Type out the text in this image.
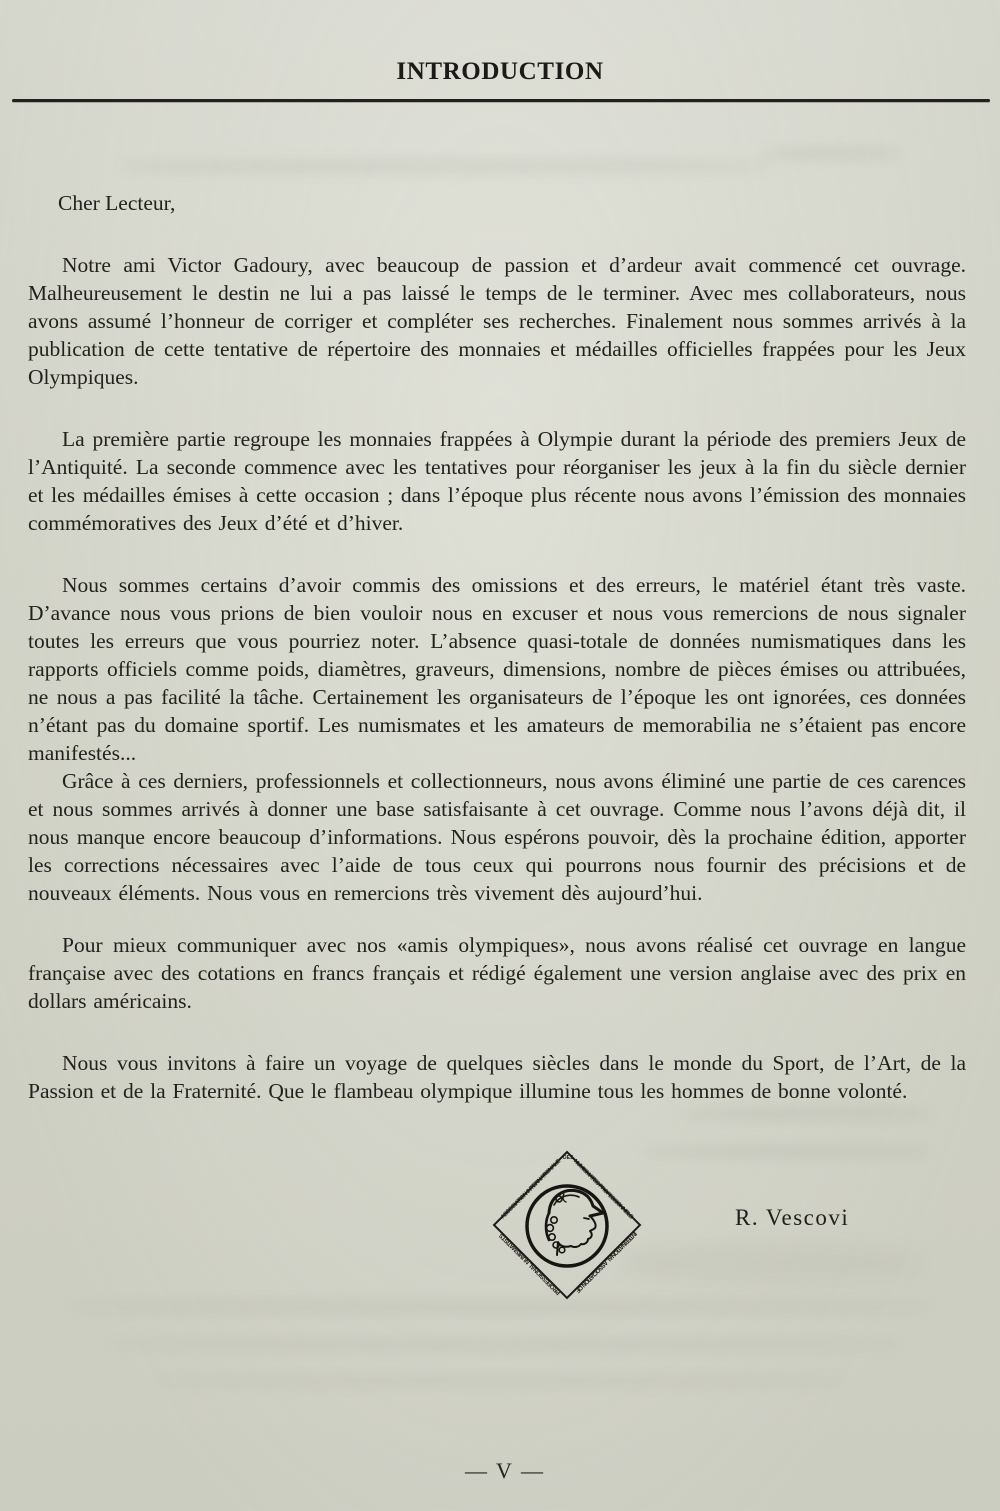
INTRODUCTION
Cher Lecteur,

Notre ami Victor Gadoury, avec beaucoup de passion et d’ardeur avait commencé cet ouvrage. Malheureusement le destin ne lui a pas laissé le temps de le terminer. Avec mes collaborateurs, nous avons assumé l’honneur de corriger et compléter ses recherches. Finalement nous sommes arrivés à la publication de cette tentative de répertoire des monnaies et médailles officielles frappées pour les Jeux Olympiques.

La première partie regroupe les monnaies frappées à Olympie durant la période des premiers Jeux de l’Antiquité. La seconde commence avec les tentatives pour réorganiser les jeux à la fin du siècle dernier et les médailles émises à cette occasion ; dans l’époque plus récente nous avons l’émission des monnaies commémoratives des Jeux d’été et d’hiver.

Nous sommes certains d’avoir commis des omissions et des erreurs, le matériel étant très vaste. D’avance nous vous prions de bien vouloir nous en excuser et nous vous remercions de nous signaler toutes les erreurs que vous pourriez noter. L’absence quasi-totale de données numismatiques dans les rapports officiels comme poids, diamètres, graveurs, dimensions, nombre de pièces émises ou attribuées, ne nous a pas facilité la tâche. Certainement les organisateurs de l’époque les ont ignorées, ces données n’étant pas du domaine sportif. Les numismates et les amateurs de memorabilia ne s’étaient pas encore manifestés...

Grâce à ces derniers, professionnels et collectionneurs, nous avons éliminé une partie de ces carences et nous sommes arrivés à donner une base satisfaisante à cet ouvrage. Comme nous l’avons déjà dit, il nous manque encore beaucoup d’informations. Nous espérons pouvoir, dès la prochaine édition, apporter les corrections nécessaires avec l’aide de tous ceux qui pourrons nous fournir des précisions et de nouveaux éléments. Nous vous en remercions très vivement dès aujourd’hui.

Pour mieux communiquer avec nos «amis olympiques», nous avons réalisé cet ouvrage en langue française avec des cotations en francs français et rédigé également une version anglaise avec des prix en dollars américains.

Nous vous invitons à faire un voyage de quelques siècles dans le monde du Sport, de l’Art, de la Passion et de la Fraternité. Que le flambeau olympique illumine tous les hommes de bonne volonté.

ASSOCIATION INTERNATIONALE NUMISMATES PROFESSIONNELS
INTERNATIONAL ASSOCIATION OF
PROFESSIONAL NUMISMATISTS
DES
R. Vescovi
— V —
